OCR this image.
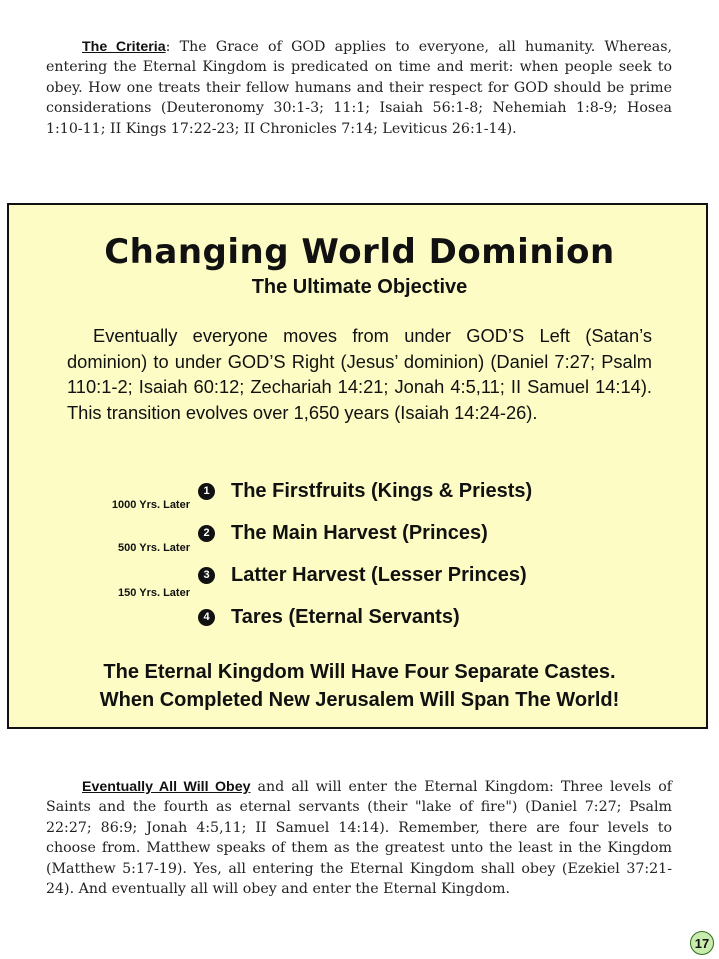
The Criteria: The Grace of GOD applies to everyone, all humanity. Whereas, entering the Eternal Kingdom is predicated on time and merit: when people seek to obey. How one treats their fellow humans and their respect for GOD should be prime considerations (Deuteronomy 30:1-3; 11:1; Isaiah 56:1-8; Nehemiah 1:8-9; Hosea 1:10-11; II Kings 17:22-23; II Chronicles 7:14; Leviticus 26:1-14).

Changing World Dominion
The Ultimate Objective

Eventually everyone moves from under GOD’S Left (Satan’s dominion) to under GOD’S Right (Jesus’ dominion) (Daniel 7:27; Psalm 110:1-2; Isaiah 60:12; Zechariah 14:21; Jonah 4:5,11; II Samuel 14:14). This transition evolves over 1,650 years (Isaiah 14:24-26).

1 The Firstfruits (Kings & Priests)
1000 Yrs. Later
2 The Main Harvest (Princes)
500 Yrs. Later
3 Latter Harvest (Lesser Princes)
150 Yrs. Later
4 Tares (Eternal Servants)
The Eternal Kingdom Will Have Four Separate Castes.
When Completed New Jerusalem Will Span The World!

Eventually All Will Obey and all will enter the Eternal Kingdom: Three levels of Saints and the fourth as eternal servants (their "lake of fire") (Daniel 7:27; Psalm 22:27; 86:9; Jonah 4:5,11; II Samuel 14:14). Remember, there are four levels to choose from. Matthew speaks of them as the greatest unto the least in the Kingdom (Matthew 5:17-19). Yes, all entering the Eternal Kingdom shall obey (Ezekiel 37:21-24). And eventually all will obey and enter the Eternal Kingdom.

17
